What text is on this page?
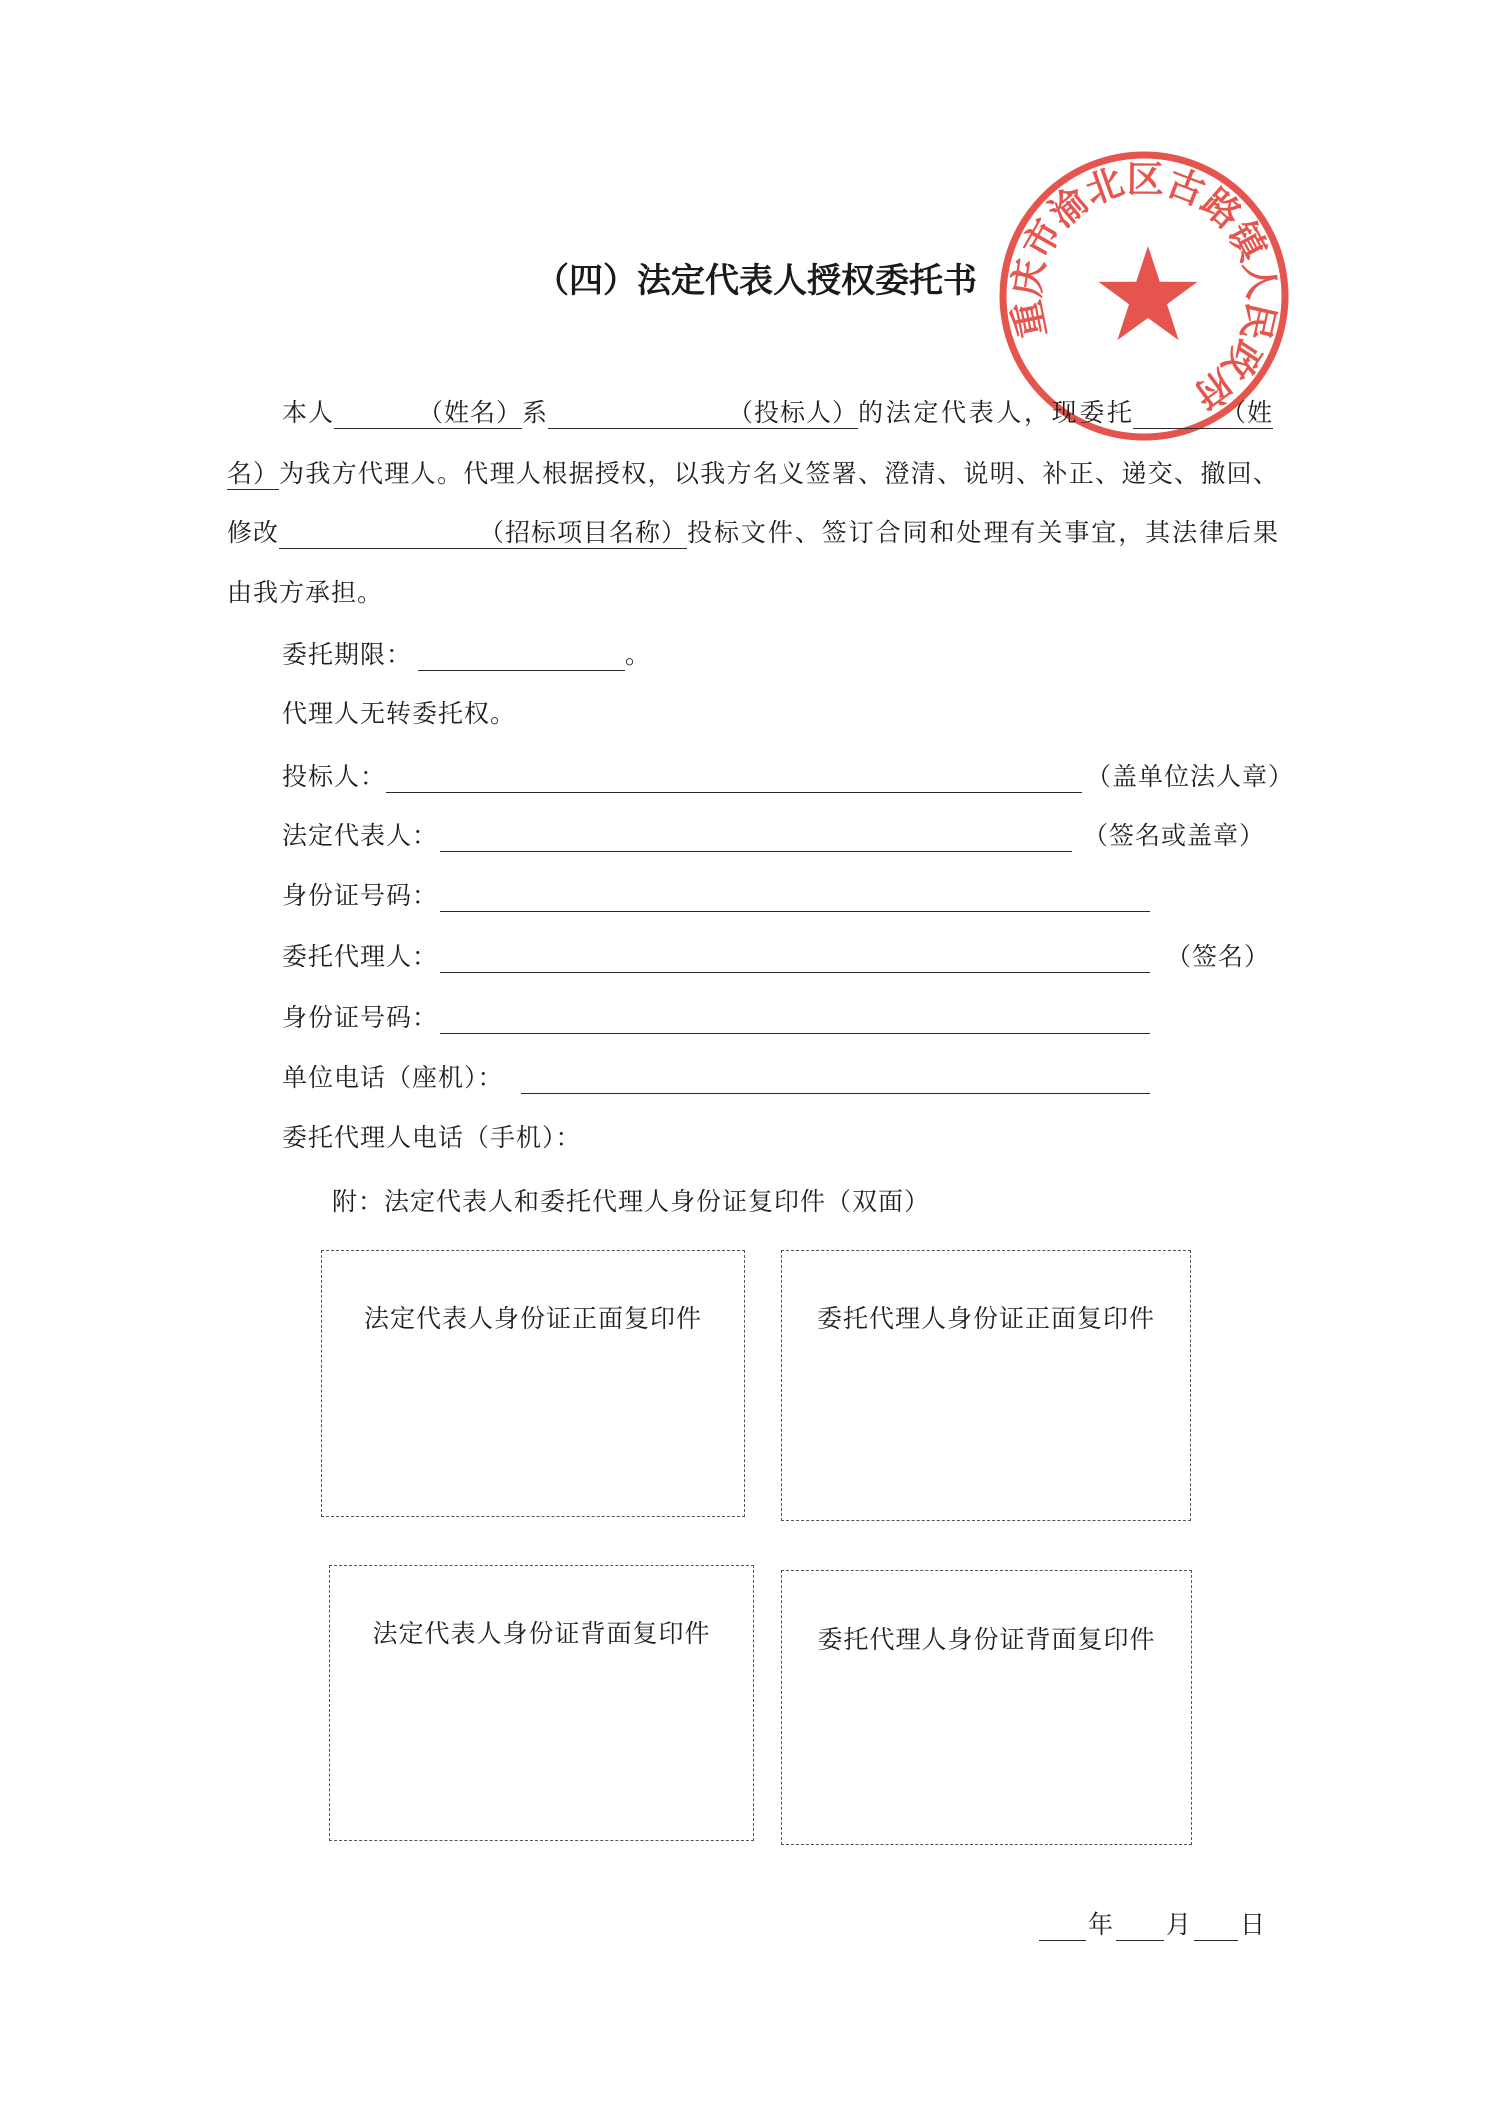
（四）法定代表人授权委托书
重庆市渝北区古路镇人民政府
本人	（姓名） 系	（投标人） 的法定代表人，现委托	（姓
名） 为我方代理人。代理人根据授权，以我方名义签署、澄清、说明、补正、递交、撤回、
修改	（招标项目名称） 投标文件、签订合同和处理有关事宜，其法律后果
由我方承担。
委托期限：	。
代理人无转委托权。
投标人：	（盖单位法人章）
法定代表人：	（签名或盖章）
身份证号码：
委托代理人：	（签名）
身份证号码：
单位电话（座机）：
委托代理人电话（手机）：
附：法定代表人和委托代理人身份证复印件（双面）
法定代表人身份证正面复印件	委托代理人身份证正面复印件
法定代表人身份证背面复印件	委托代理人身份证背面复印件
年 月 日
